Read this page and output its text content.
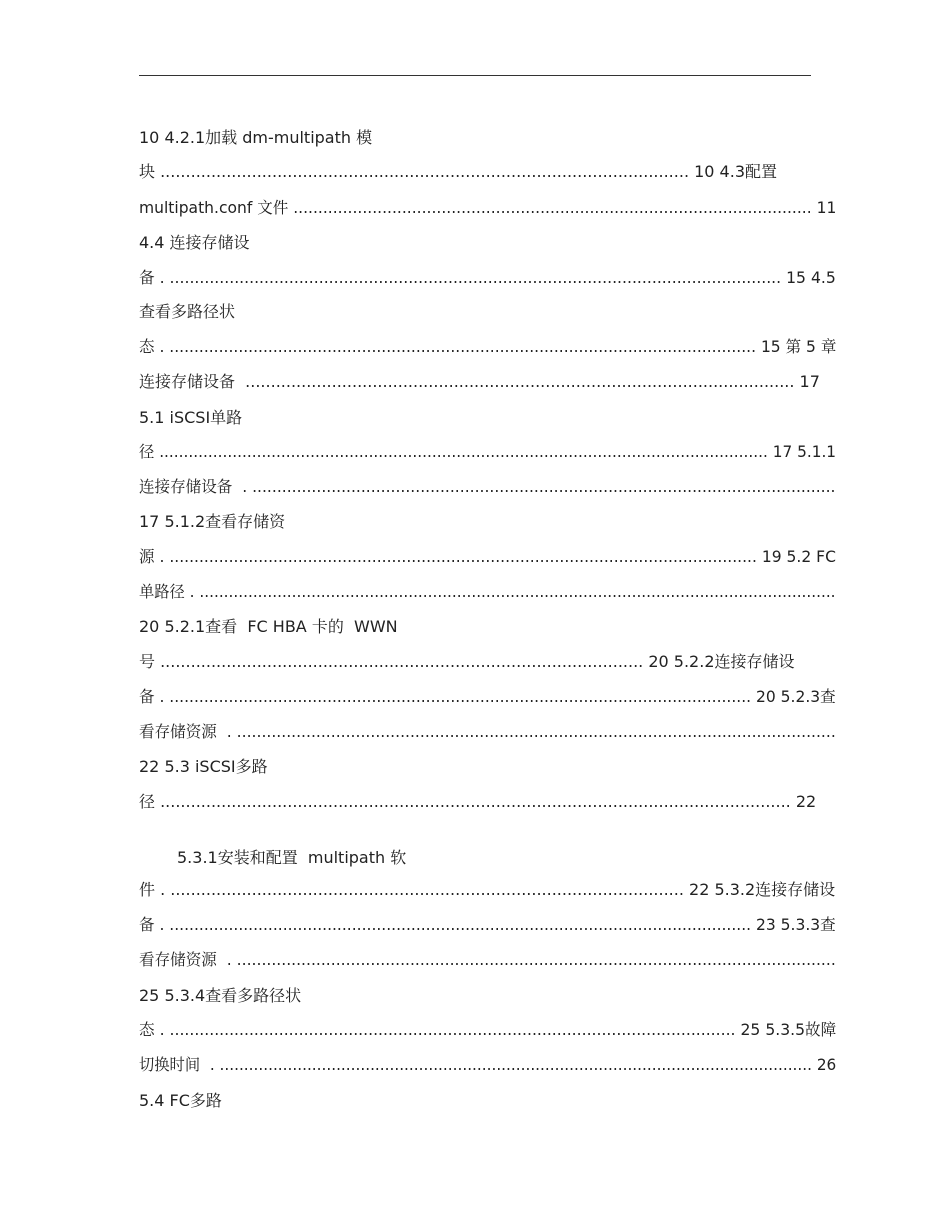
10 4.2.1加载 dm-multipath 模
块 ........................................................................................................ 10 4.3配置
multipath.conf 文件 ......................................................................................................... 11
4.4 连接存储设
备 . ........................................................................................................................... 15 4.5
查看多路径状
态 . ....................................................................................................................... 15 第 5 章
连接存储设备  ............................................................................................................ 17
5.1 iSCSI单路
径 ............................................................................................................................. 17 5.1.1
连接存储设备  . ......................................................................................................................
17 5.1.2查看存储资
源 . ....................................................................................................................... 19 5.2 FC
单路径 . ...................................................................................................................................
20 5.2.1查看  FC HBA 卡的  WWN
号 ............................................................................................... 20 5.2.2连接存储设
备 . ...................................................................................................................... 20 5.2.3查
看存储资源  . .........................................................................................................................
22 5.3 iSCSI多路
径 ............................................................................................................................ 22
5.3.1安装和配置  multipath 软
件 . ..................................................................................................... 22 5.3.2连接存储设
备 . ...................................................................................................................... 23 5.3.3查
看存储资源  . .........................................................................................................................
25 5.3.4查看多路径状
态 . .................................................................................................................. 25 5.3.5故障
切换时间  . .......................................................................................................................... 26
5.4 FC多路
